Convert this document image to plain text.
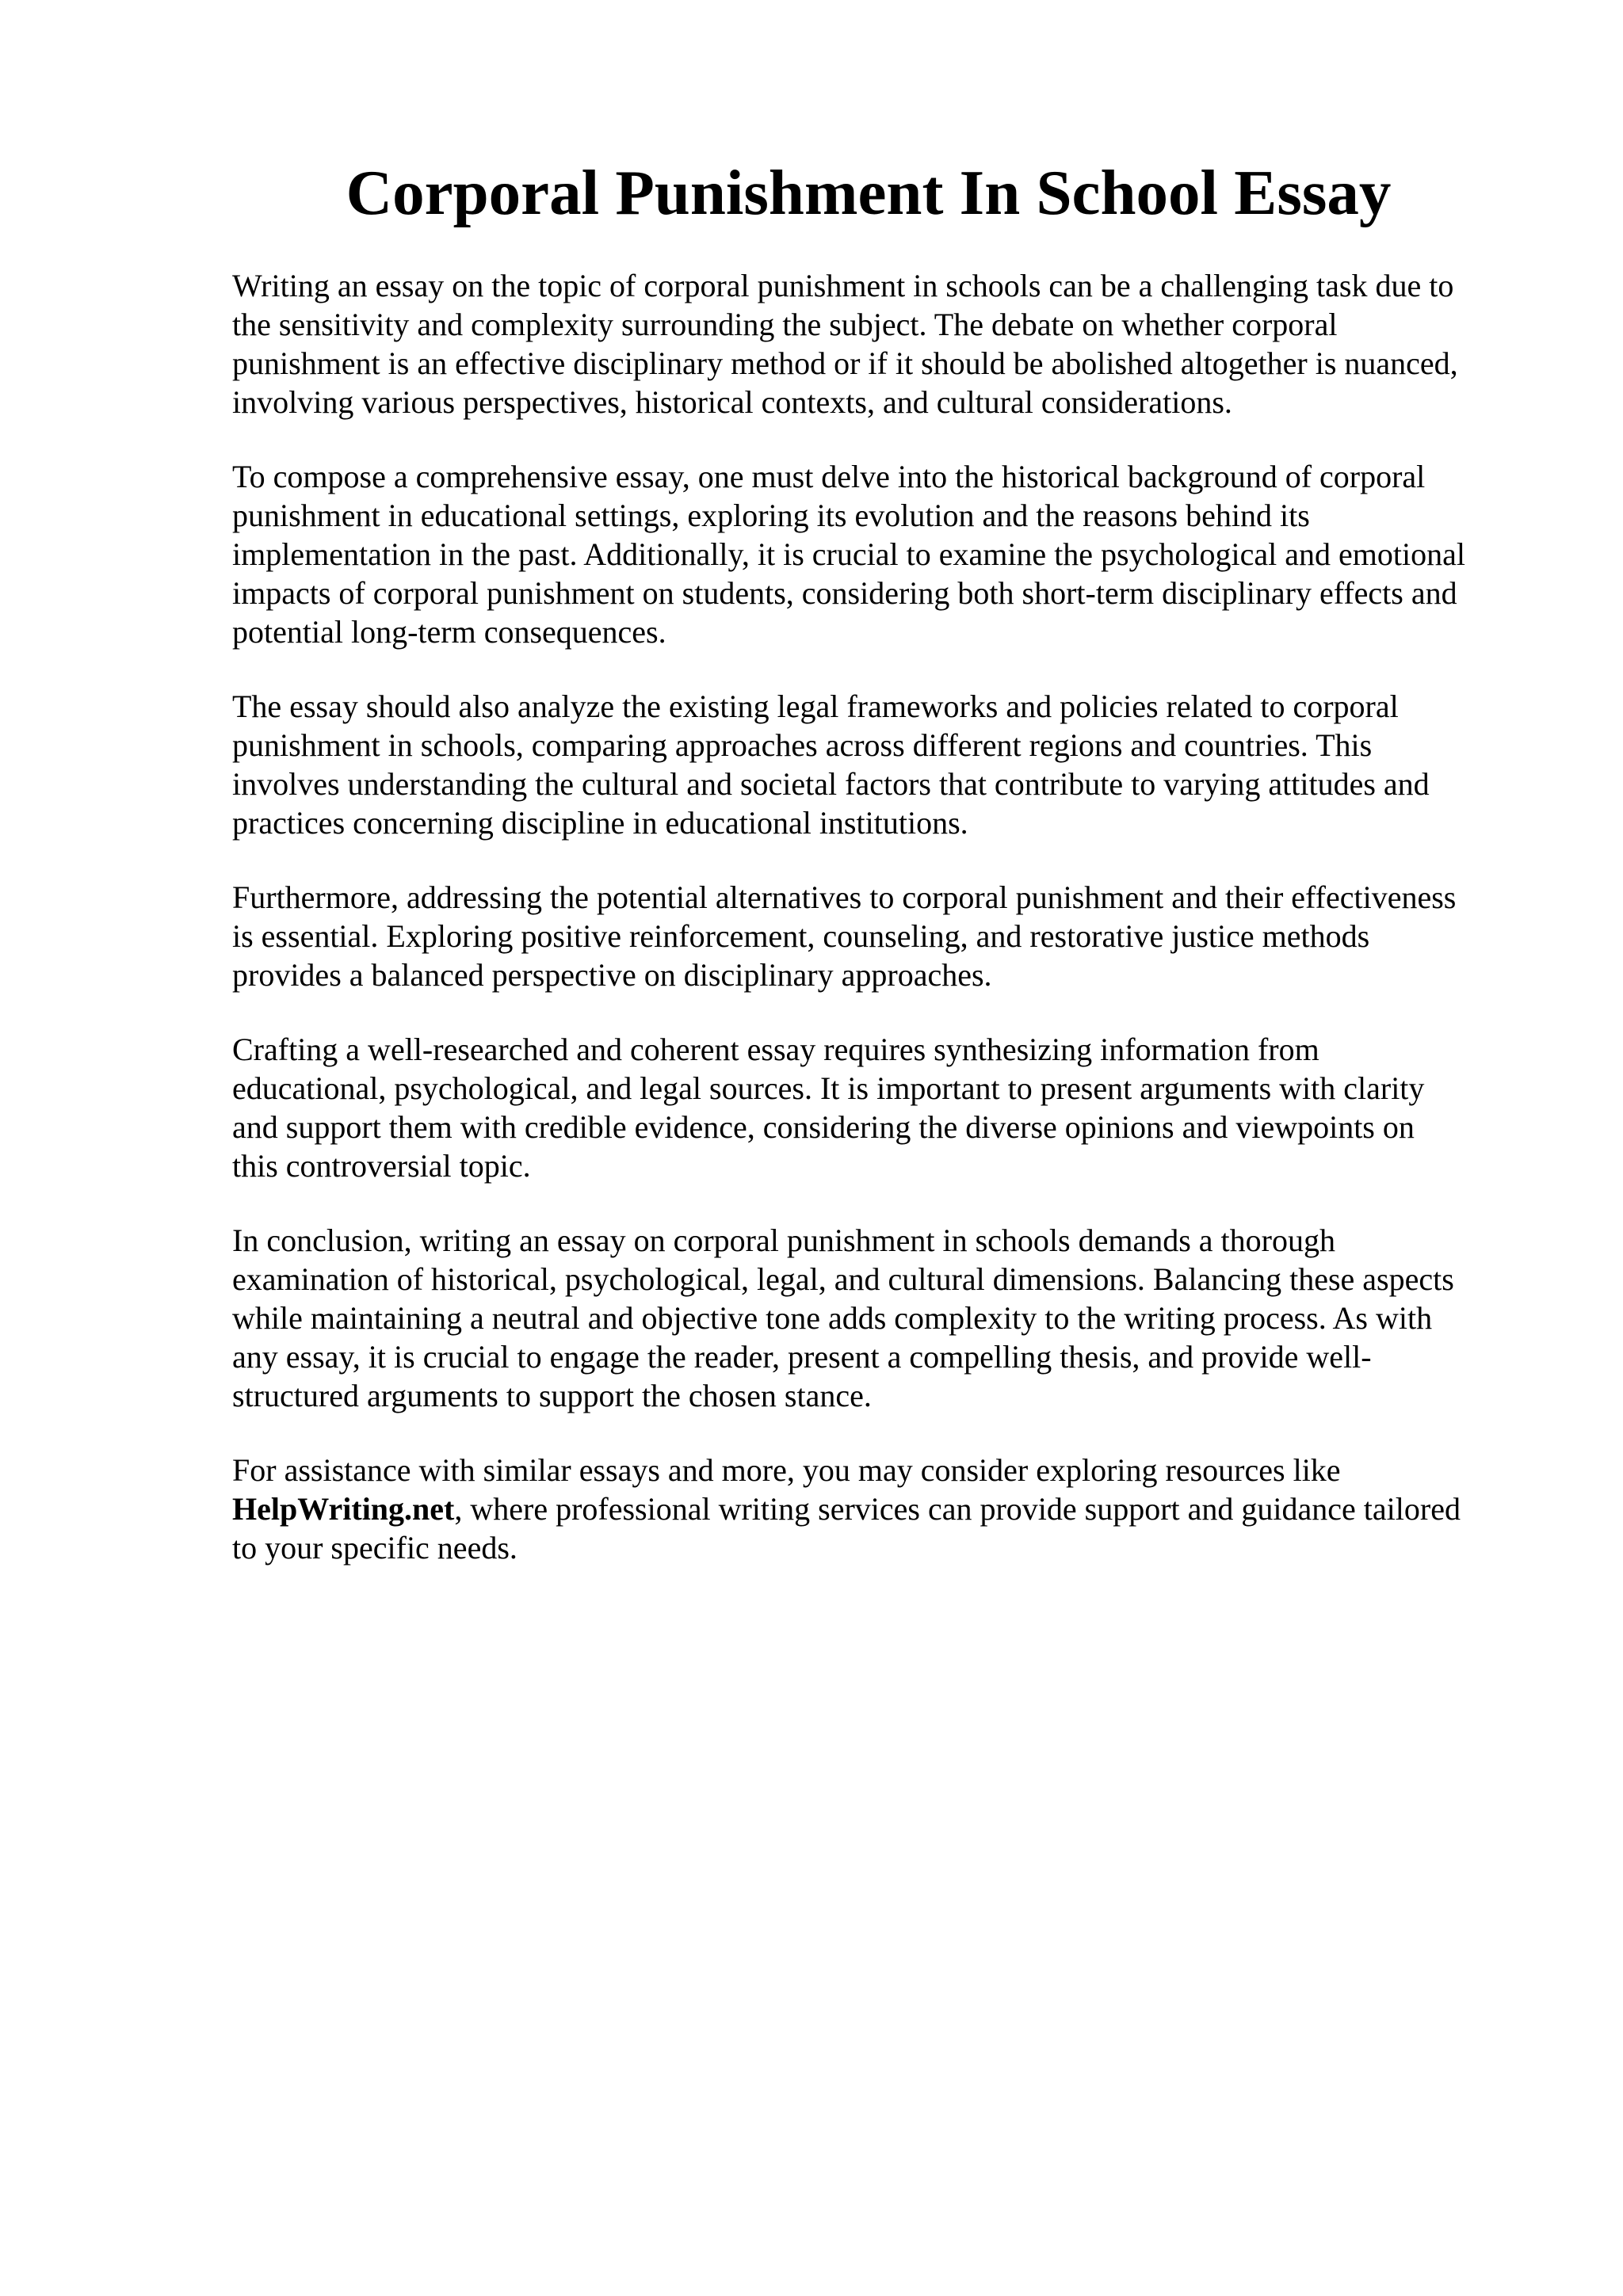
Corporal Punishment In School Essay

Writing an essay on the topic of corporal punishment in schools can be a challenging task due to
the sensitivity and complexity surrounding the subject. The debate on whether corporal
punishment is an effective disciplinary method or if it should be abolished altogether is nuanced,
involving various perspectives, historical contexts, and cultural considerations.

To compose a comprehensive essay, one must delve into the historical background of corporal
punishment in educational settings, exploring its evolution and the reasons behind its
implementation in the past. Additionally, it is crucial to examine the psychological and emotional
impacts of corporal punishment on students, considering both short-term disciplinary effects and
potential long-term consequences.

The essay should also analyze the existing legal frameworks and policies related to corporal
punishment in schools, comparing approaches across different regions and countries. This
involves understanding the cultural and societal factors that contribute to varying attitudes and
practices concerning discipline in educational institutions.

Furthermore, addressing the potential alternatives to corporal punishment and their effectiveness
is essential. Exploring positive reinforcement, counseling, and restorative justice methods
provides a balanced perspective on disciplinary approaches.

Crafting a well-researched and coherent essay requires synthesizing information from
educational, psychological, and legal sources. It is important to present arguments with clarity
and support them with credible evidence, considering the diverse opinions and viewpoints on
this controversial topic.

In conclusion, writing an essay on corporal punishment in schools demands a thorough
examination of historical, psychological, legal, and cultural dimensions. Balancing these aspects
while maintaining a neutral and objective tone adds complexity to the writing process. As with
any essay, it is crucial to engage the reader, present a compelling thesis, and provide well-
structured arguments to support the chosen stance.

For assistance with similar essays and more, you may consider exploring resources like
HelpWriting.net, where professional writing services can provide support and guidance tailored
to your specific needs.
